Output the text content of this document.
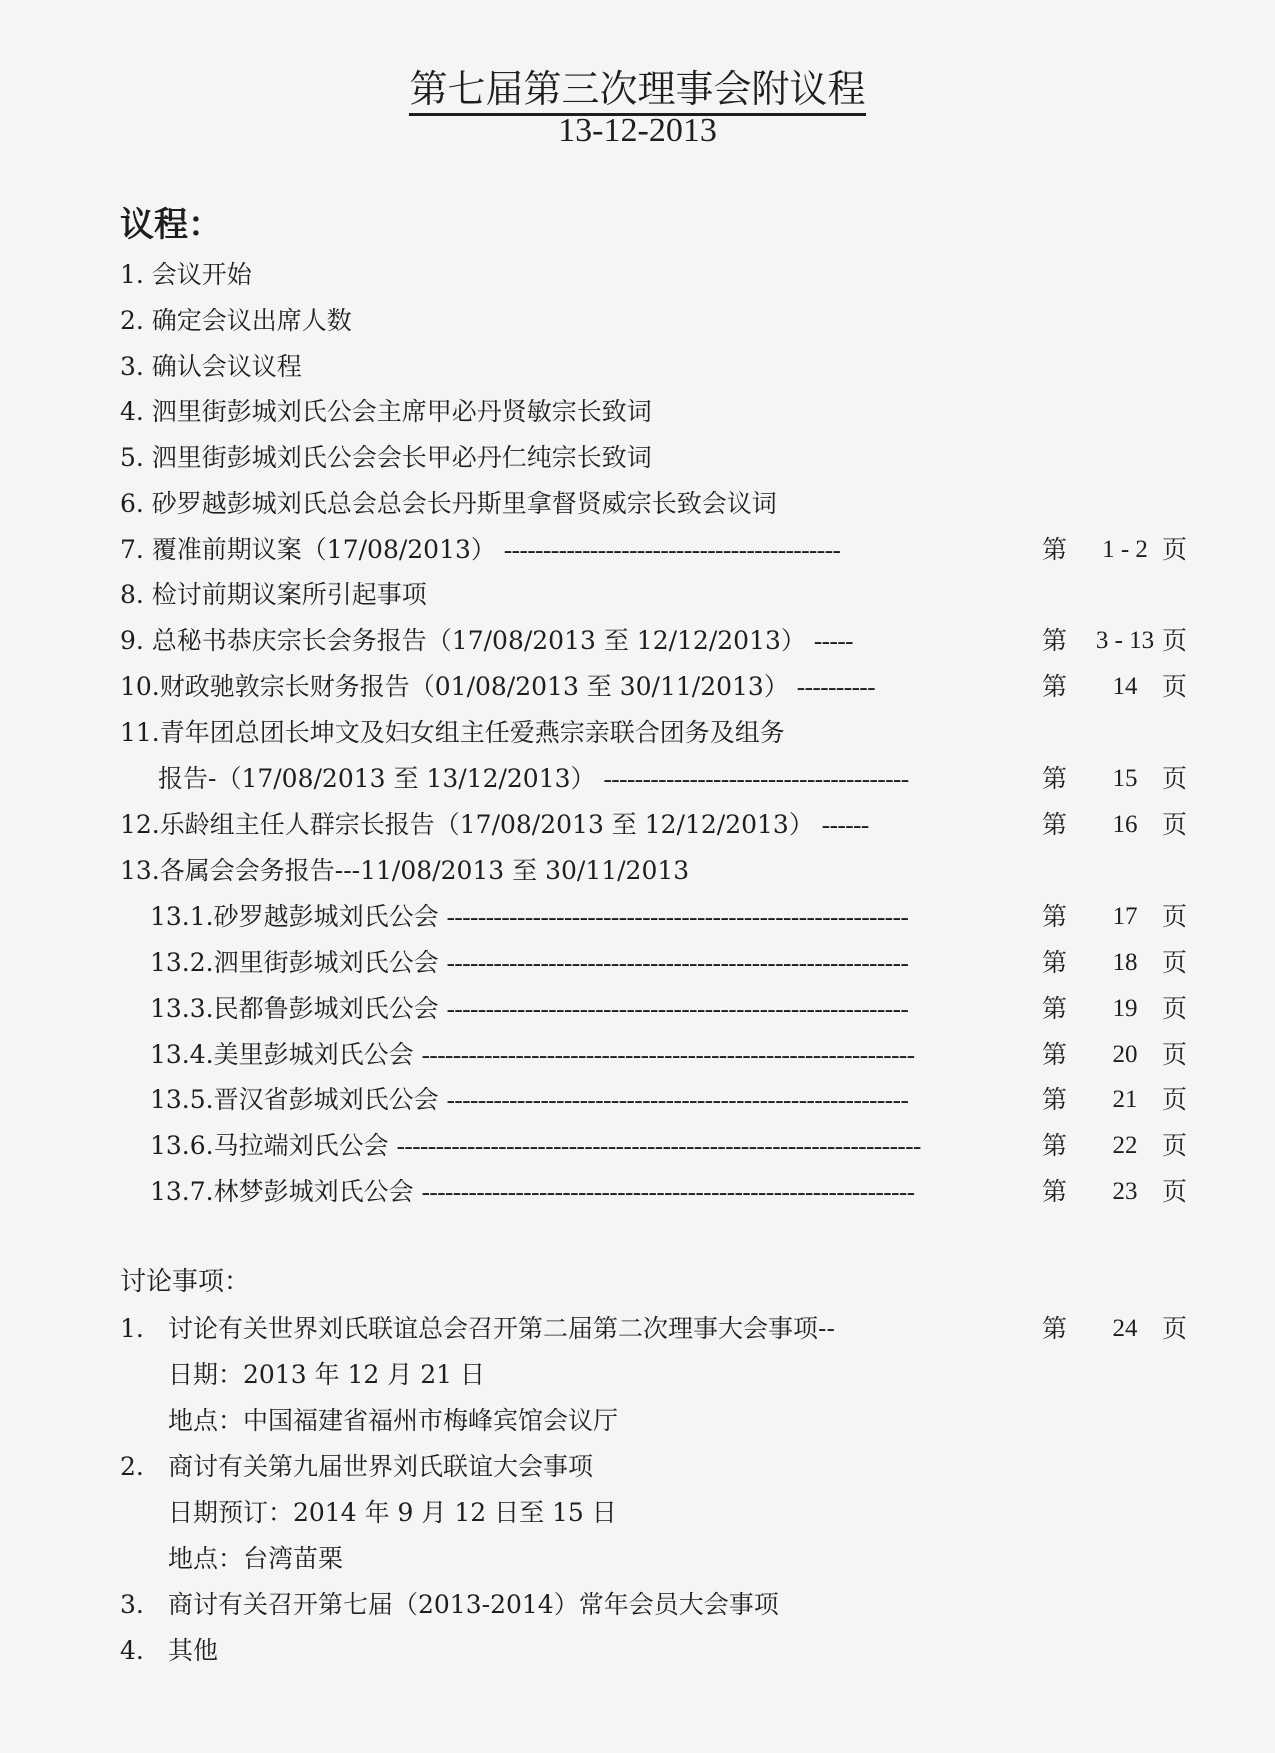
第七届第三次理事会附议程
13-12-2013
议程：
1. 会议开始
2. 确定会议出席人数
3. 确认会议议程
4. 泗里街彭城刘氏公会主席甲必丹贤敏宗长致词
5. 泗里街彭城刘氏公会会长甲必丹仁纯宗长致词
6. 砂罗越彭城刘氏总会总会长丹斯里拿督贤威宗长致会议词
7. 覆准前期议案（17/08/2013） -------------------------------------------	第	1 - 2 页
8. 检讨前期议案所引起事项
9. 总秘书恭庆宗长会务报告（17/08/2013 至 12/12/2013） -----	第 3 - 13 页
10.财政驰敦宗长财务报告（01/08/2013 至 30/11/2013） ----------	第	14 页
11.青年团总团长坤文及妇女组主任爱燕宗亲联合团务及组务
报告-（17/08/2013 至 13/12/2013） ---------------------------------------	第	15 页
12.乐龄组主任人群宗长报告（17/08/2013 至 12/12/2013） ------	第	16 页
13.各属会会务报告---11/08/2013 至 30/11/2013
13.1.砂罗越彭城刘氏公会 -----------------------------------------------------------	第	17 页
13.2.泗里街彭城刘氏公会 -----------------------------------------------------------	第	18 页
13.3.民都鲁彭城刘氏公会 -----------------------------------------------------------	第	19 页
13.4.美里彭城刘氏公会 ---------------------------------------------------------------	第	20 页
13.5.晋汉省彭城刘氏公会 -----------------------------------------------------------	第	21 页
13.6.马拉端刘氏公会 -------------------------------------------------------------------	第	22 页
13.7.林梦彭城刘氏公会 ---------------------------------------------------------------	第	23 页
讨论事项：
1. 讨论有关世界刘氏联谊总会召开第二届第二次理事大会事项--	第	24 页
日期：2013 年 12 月 21 日
地点：中国福建省福州市梅峰宾馆会议厅
2. 商讨有关第九届世界刘氏联谊大会事项
日期预订：2014 年 9 月 12 日至 15 日
地点：台湾苗栗
3. 商讨有关召开第七届（2013-2014）常年会员大会事项
4. 其他
